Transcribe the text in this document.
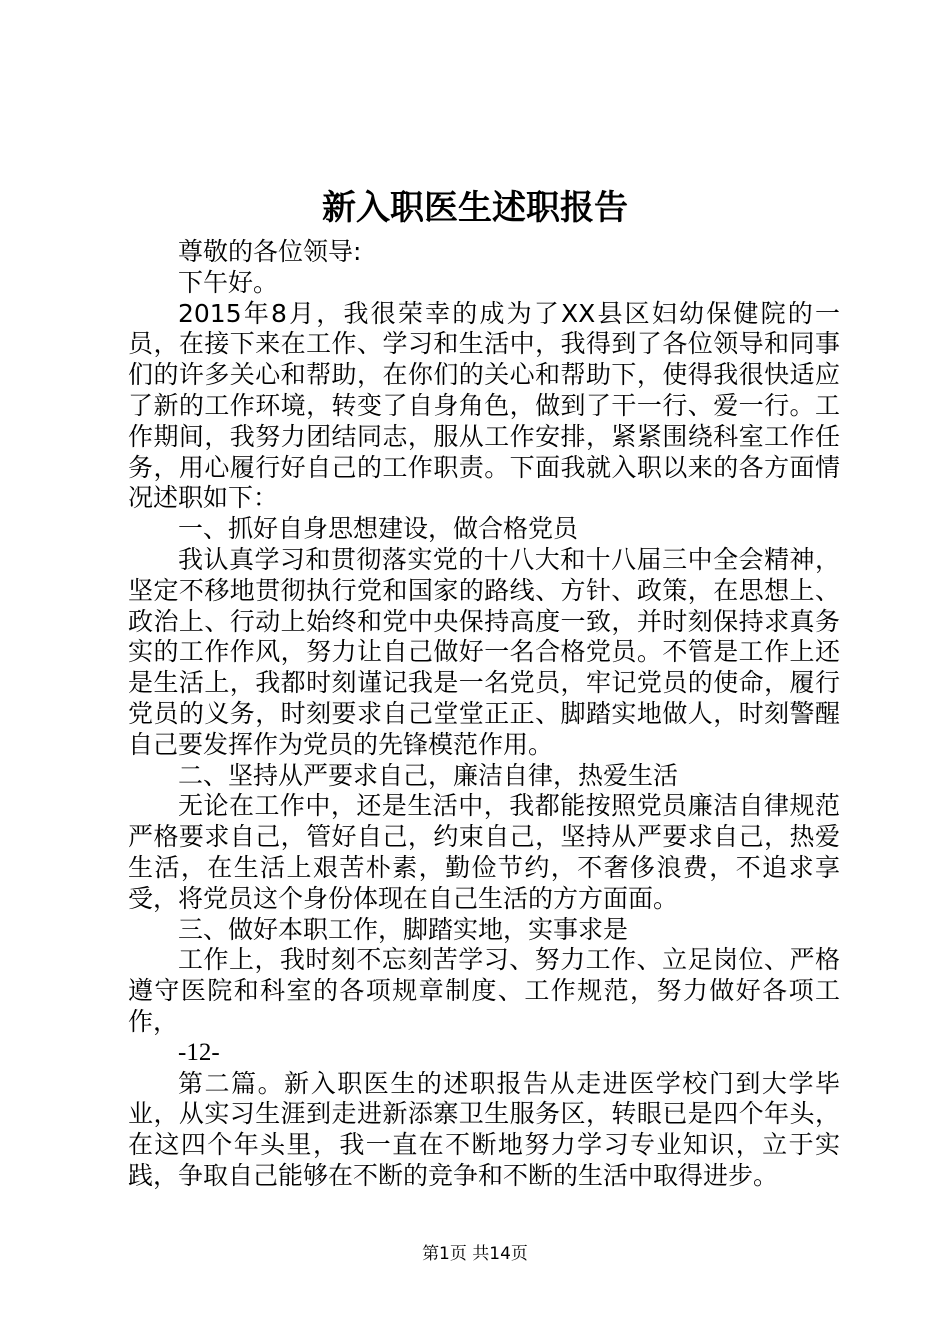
新入职医生述职报告

尊敬的各位领导:

下午好。

2015年8月，我很荣幸的成为了XX县区妇幼保健院的一员，在接下来在工作、学习和生活中，我得到了各位领导和同事们的许多关心和帮助，在你们的关心和帮助下，使得我很快适应了新的工作环境，转变了自身角色，做到了干一行、爱一行。工作期间，我努力团结同志，服从工作安排，紧紧围绕科室工作任务，用心履行好自己的工作职责。下面我就入职以来的各方面情况述职如下：

一、抓好自身思想建设，做合格党员

我认真学习和贯彻落实党的十八大和十八届三中全会精神，坚定不移地贯彻执行党和国家的路线、方针、政策，在思想上、政治上、行动上始终和党中央保持高度一致，并时刻保持求真务实的工作作风，努力让自己做好一名合格党员。不管是工作上还是生活上，我都时刻谨记我是一名党员，牢记党员的使命，履行党员的义务，时刻要求自己堂堂正正、脚踏实地做人，时刻警醒自己要发挥作为党员的先锋模范作用。

二、坚持从严要求自己，廉洁自律，热爱生活

无论在工作中，还是生活中，我都能按照党员廉洁自律规范严格要求自己，管好自己，约束自己，坚持从严要求自己，热爱生活，在生活上艰苦朴素，勤俭节约，不奢侈浪费，不追求享受，将党员这个身份体现在自己生活的方方面面。

三、做好本职工作，脚踏实地，实事求是

工作上，我时刻不忘刻苦学习、努力工作、立足岗位、严格遵守医院和科室的各项规章制度、工作规范，努力做好各项工作，

-12-

第二篇。新入职医生的述职报告从走进医学校门到大学毕业，从实习生涯到走进新添寨卫生服务区，转眼已是四个年头，在这四个年头里，我一直在不断地努力学习专业知识，立于实践，争取自己能够在不断的竞争和不断的生活中取得进步。

第1页 共14页
